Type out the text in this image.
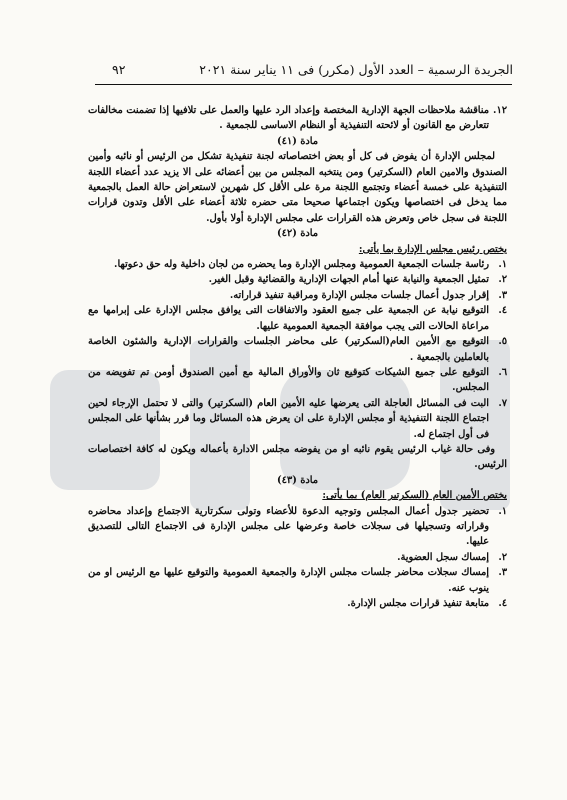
الجريدة الرسمية – العدد الأول (مكرر) فى ١١ يناير سنة ٢٠٢١
٩٢
١٢.
مناقشة ملاحظات الجهة الإدارية المختصة وإعداد الرد عليها والعمل على تلافيها إذا تضمنت مخالفات تتعارض مع القانون أو لائحته التنفيذية أو النظام الاساسى للجمعية .

مادة (٤١)

لمجلس الإدارة أن يفوض فى كل أو بعض اختصاصاته لجنة تنفيذية تشكل من الرئيس أو نائبه وأمين الصندوق والامين العام (السكرتير) ومن ينتخبه المجلس من بين أعضائه على الا يزيد عدد أعضاء اللجنة التنفيذية على خمسة أعضاء وتجتمع اللجنة مرة على الأقل كل شهرين لاستعراض حالة العمل بالجمعية مما يدخل فى اختصاصها ويكون اجتماعها صحيحا متى حضره ثلاثة أعضاء على الأقل وتدون قرارات اللجنة فى سجل خاص وتعرض هذه القرارات على مجلس الإدارة أولا بأول.

مادة (٤٢)

يختص رئيس مجلس الإدارة بما يأتى:

١.
رئاسة جلسات الجمعية العمومية ومجلس الإدارة وما يحضره من لجان داخلية وله حق دعوتها.
٢.
تمثيل الجمعية والنيابة عنها أمام الجهات الإدارية والقضائية وقبل الغير.
٣.
إقرار جدول أعمال جلسات مجلس الإدارة ومراقبة تنفيذ قراراته.
٤.
التوقيع نيابة عن الجمعية على جميع العقود والاتفاقات التى يوافق مجلس الإدارة على إبرامها مع مراعاة الحالات التى يجب موافقة الجمعية العمومية عليها.
٥.
التوقيع مع الأمين العام(السكرتير) على محاضر الجلسات والقرارات الإدارية والشئون الخاصة بالعاملين بالجمعية .
٦.
التوقيع على جميع الشيكات كتوقيع ثان والأوراق المالية مع أمين الصندوق أومن تم تفويضه من المجلس.
٧.
البت فى المسائل العاجلة التى يعرضها عليه الأمين العام (السكرتير) والتى لا تحتمل الإرجاء لحين اجتماع اللجنة التنفيذية أو مجلس الإدارة على ان يعرض هذه المسائل وما قرر بشأنها على المجلس فى أول اجتماع له.

وفى حالة غياب الرئيس يقوم نائبه او من يفوضه مجلس الادارة بأعماله ويكون له كافة اختصاصات الرئيس.

مادة (٤٣)

يختص الأمين العام (السكرتير العام) بما يأتى:

١.
تحضير جدول أعمال المجلس وتوجيه الدعوة للأعضاء وتولى سكرتارية الاجتماع وإعداد محاضره وقراراته وتسجيلها فى سجلات خاصة وعرضها على مجلس الإدارة فى الاجتماع التالى للتصديق عليها.
٢.
إمساك سجل العضوية.
٣.
إمساك سجلات محاضر جلسات مجلس الإدارة والجمعية العمومية والتوقيع عليها مع الرئيس او من ينوب عنه.
٤.
متابعة تنفيذ قرارات مجلس الإدارة.
